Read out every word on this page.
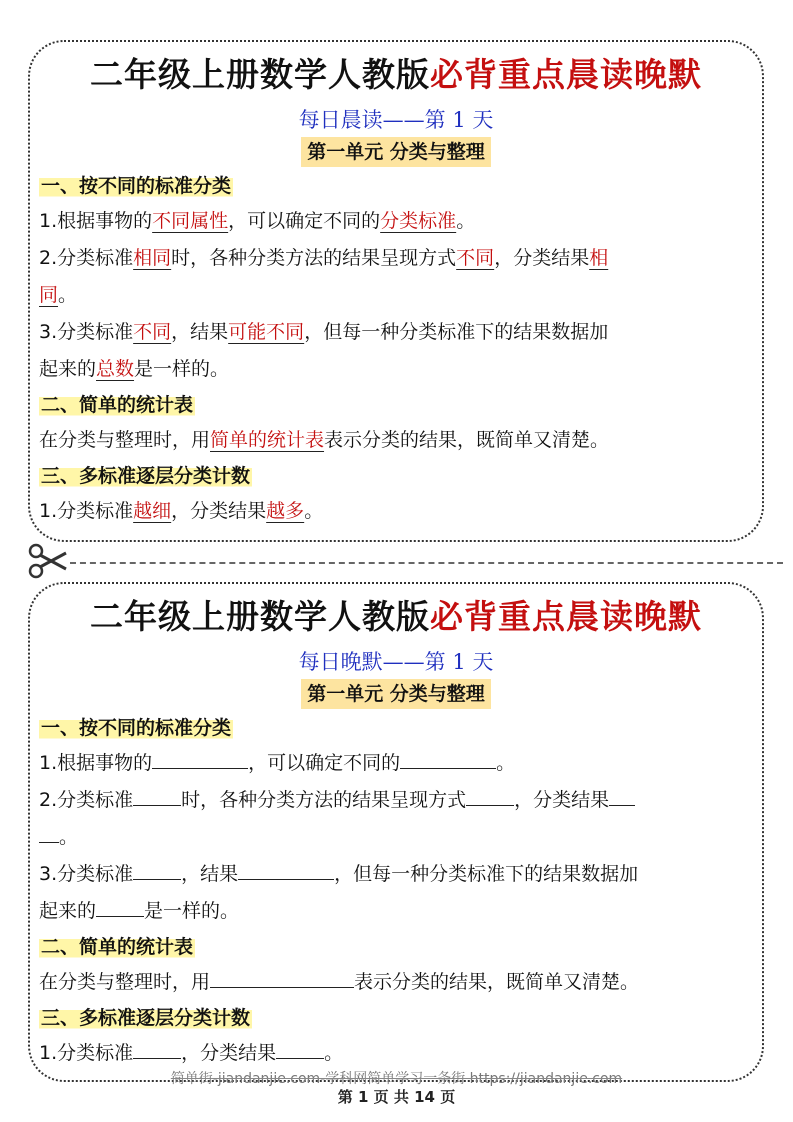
二年级上册数学人教版必背重点晨读晚默
每日晨读——第 1 天
第一单元 分类与整理
一、按不同的标准分类

1.根据事物的不同属性，可以确定不同的分类标准。

2.分类标准相同时，各种分类方法的结果呈现方式不同，分类结果相
同。

3.分类标准不同，结果可能不同，但每一种分类标准下的结果数据加
起来的总数是一样的。

二、简单的统计表

在分类与整理时，用简单的统计表表示分类的结果，既简单又清楚。

三、多标准逐层分类计数

1.分类标准越细，分类结果越多。

二年级上册数学人教版必背重点晨读晚默
每日晚默——第 1 天
第一单元 分类与整理
一、按不同的标准分类

1.根据事物的	，可以确定不同的	。

2.分类标准	时，各种分类方法的结果呈现方式	，分类结果
。

3.分类标准	，结果	，但每一种分类标准下的结果数据加
起来的	是一样的。

二、简单的统计表

在分类与整理时，用	表示分类的结果，既简单又清楚。

三、多标准逐层分类计数

1.分类标准	，分类结果	。

简单街-jiandanjie.com-学科网简单学习一条街 https://jiandanjie.com
第 1 页 共 14 页
